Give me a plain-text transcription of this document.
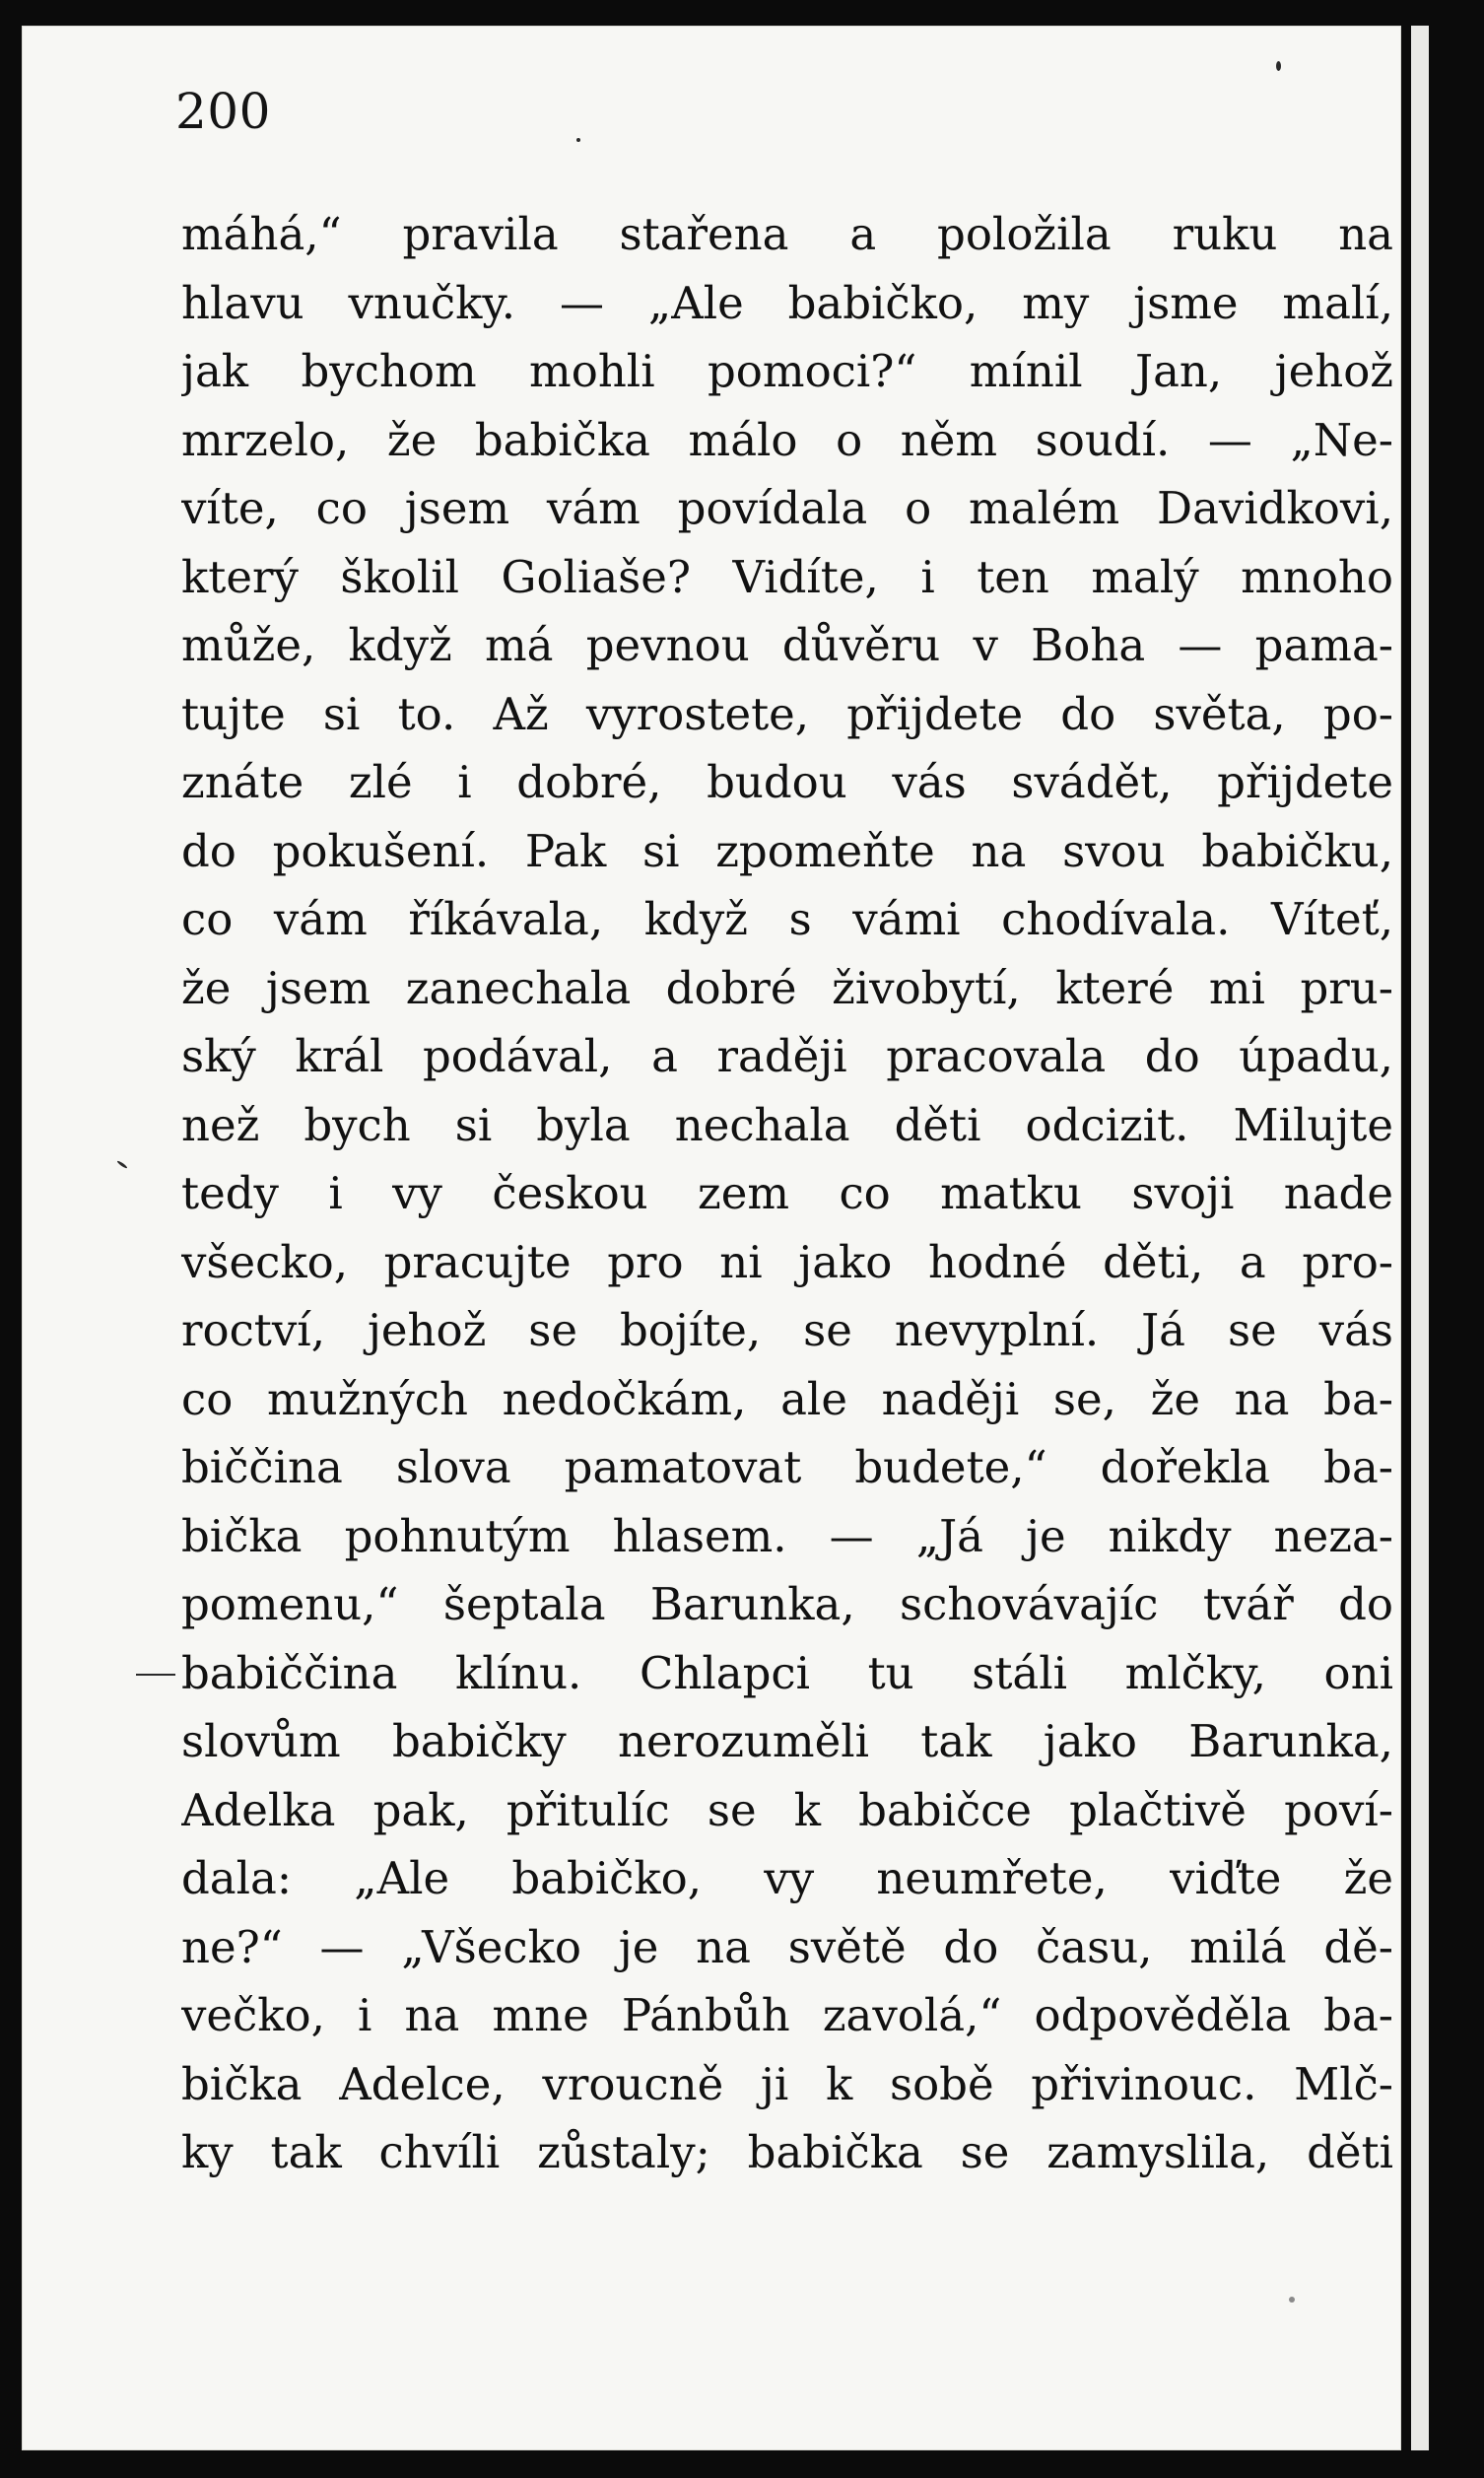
200
máhá,“ pravila stařena a položila ruku na
hlavu vnučky. — „Ale babičko, my jsme malí,
jak bychom mohli pomoci?“ mínil Jan, jehož
mrzelo, že babička málo o něm soudí. — „Ne-
víte, co jsem vám povídala o malém Davidkovi,
který školil Goliaše? Vidíte, i ten malý mnoho
může, když má pevnou důvěru v Boha — pama-
tujte si to. Až vyrostete, přijdete do světa, po-
znáte zlé i dobré, budou vás svádět, přijdete
do pokušení. Pak si zpomeňte na svou babičku,
co vám říkávala, když s vámi chodívala. Víteť,
že jsem zanechala dobré živobytí, které mi pru-
ský král podával, a raději pracovala do úpadu,
než bych si byla nechala děti odcizit. Milujte
tedy i vy českou zem co matku svoji nade
všecko, pracujte pro ni jako hodné děti, a pro-
roctví, jehož se bojíte, se nevyplní. Já se vás
co mužných nedočkám, ale naději se, že na ba-
biččina slova pamatovat budete,“ dořekla ba-
bička pohnutým hlasem. — „Já je nikdy neza-
pomenu,“ šeptala Barunka, schovávajíc tvář do
babiččina klínu. Chlapci tu stáli mlčky, oni
slovům babičky nerozuměli tak jako Barunka,
Adelka pak, přitulíc se k babičce plačtivě poví-
dala: „Ale babičko, vy neumřete, viďte že
ne?“ — „Všecko je na světě do času, milá dě-
večko, i na mne Pánbůh zavolá,“ odpověděla ba-
bička Adelce, vroucně ji k sobě přivinouc. Mlč-
ky tak chvíli zůstaly; babička se zamyslila, děti
